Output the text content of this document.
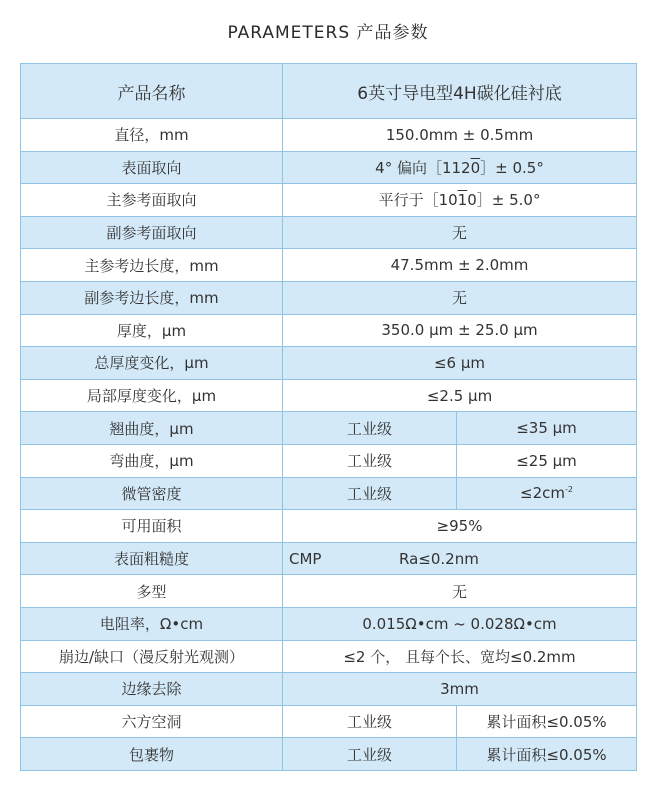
PARAMETERS 产品参数
产品名称	6英寸导电型4H碳化硅衬底	
直径，mm	150.0mm ± 0.5mm	
表面取向	4° 偏向［1120］± 0.5°	
主参考面取向	平行于［1010］± 5.0°	
副参考面取向	无	
主参考边长度，mm	47.5mm ± 2.0mm	
副参考边长度，mm	无	
厚度，μm	350.0 μm ± 25.0 μm	
总厚度变化，μm	≤6 μm	
局部厚度变化，μm	≤2.5 μm	
翘曲度，μm	工业级	≤35 μm
弯曲度，μm	工业级	≤25 μm
微管密度	工业级	$\le 2cm^{-2}$
可用面积	≥95%	
表面粗糙度	CMP Ra≤0.2nm	
多型	无	
电阻率，Ω•cm	0.015Ω•cm ~ 0.028Ω•cm	
崩边/缺口（漫反射光观测）	≤2 个， 且每个长、宽均≤0.2mm	
边缘去除	3mm	
六方空洞	工业级	累计面积≤0.05%
包裹物	工业级	累计面积≤0.05%
